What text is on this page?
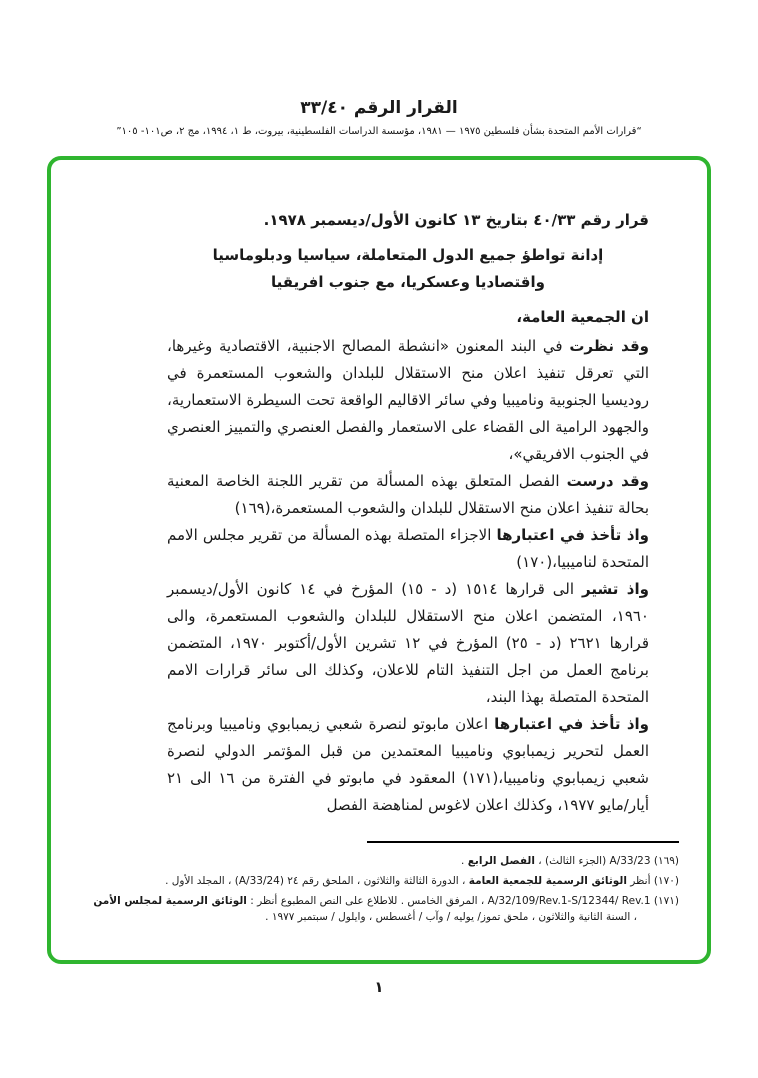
القرار الرقم ٣٣/٤٠
“قرارات الأمم المتحدة بشأن فلسطين ١٩٧٥ — ١٩٨١، مؤسسة الدراسات الفلسطينية، بيروت، ط ١، ١٩٩٤، مج ٢، ص١٠١- ١٠٥”

قرار رقم ٤٠/٣٣ بتاريخ ١٣ كانون الأول/ديسمبر ١٩٧٨.

إدانة تواطؤ جميع الدول المتعاملة، سياسيا ودبلوماسيا

واقتصاديا وعسكريا، مع جنوب افريقيا

ان الجمعية العامة،

وقد نظرت في البند المعنون «انشطة المصالح الاجنبية، الاقتصادية وغيرها، التي تعرقل تنفيذ اعلان منح الاستقلال للبلدان والشعوب المستعمرة في روديسيا الجنوبية وناميبيا وفي سائر الاقاليم الواقعة تحت السيطرة الاستعمارية، والجهود الرامية الى القضاء على الاستعمار والفصل العنصري والتمييز العنصري في الجنوب الافريقي»،

وقد درست الفصل المتعلق بهذه المسألة من تقرير اللجنة الخاصة المعنية بحالة تنفيذ اعلان منح الاستقلال للبلدان والشعوب المستعمرة،(١٦٩)

واذ تأخذ في اعتبارها الاجزاء المتصلة بهذه المسألة من تقرير مجلس الامم المتحدة لناميبيا،(١٧٠)

واذ تشير الى قرارها ١٥١٤ (د - ١٥) المؤرخ في ١٤ كانون الأول/ديسمبر ١٩٦٠، المتضمن اعلان منح الاستقلال للبلدان والشعوب المستعمرة، والى قرارها ٢٦٢١ (د - ٢٥) المؤرخ في ١٢ تشرين الأول/أكتوبر ١٩٧٠، المتضمن برنامج العمل من اجل التنفيذ التام للاعلان، وكذلك الى سائر قرارات الامم المتحدة المتصلة بهذا البند،

واذ تأخذ في اعتبارها اعلان مابوتو لنصرة شعبي زيمبابوي وناميبيا وبرنامج العمل لتحرير زيمبابوي وناميبيا المعتمدين من قبل المؤتمر الدولي لنصرة شعبي زيمبابوي وناميبيا،(١٧١) المعقود في مابوتو في الفترة من ١٦ الى ٢١ أيار/مايو ١٩٧٧، وكذلك اعلان لاغوس لمناهضة الفصل

(١٦٩) A/33/23 (الجزء الثالث) ، الفصل الرابع .

(١٧٠) أنظر الوثائق الرسمية للجمعية العامة ، الدورة الثالثة والثلاثون ، الملحق رقم ٢٤ (A/33/24) ، المجلد الأول .

(١٧١) A/32/109/Rev.1-S/12344/ Rev.1 ، المرفق الخامس . للاطلاع على النص المطبوع أنظر : الوثائق الرسمية لمجلس الأمن ، السنة الثانية والثلاثون ، ملحق تموز/ يوليه / وآب / أغسطس ، وايلول / سبتمبر ١٩٧٧ .

١
